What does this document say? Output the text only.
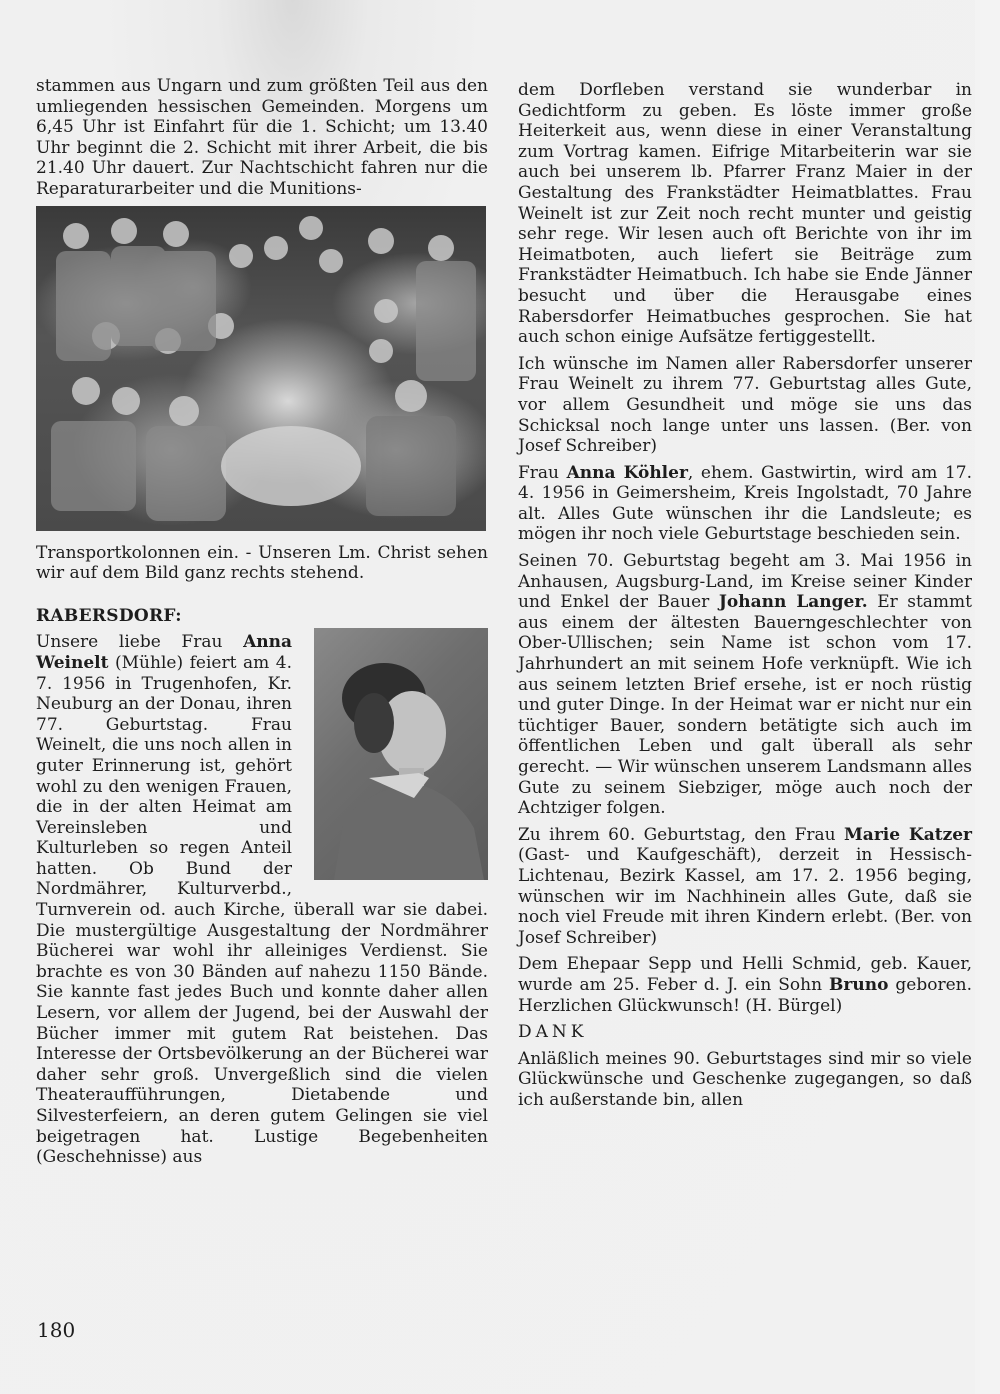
stammen aus Ungarn und zum größten Teil aus den umliegenden hessischen Gemeinden. Morgens um 6,45 Uhr ist Einfahrt für die 1. Schicht; um 13.40 Uhr beginnt die 2. Schicht mit ihrer Arbeit, die bis 21.40 Uhr dauert. Zur Nachtschicht fahren nur die Reparaturarbeiter und die Munitions-

Transportkolonnen ein. - Unseren Lm. Christ sehen wir auf dem Bild ganz rechts stehend.

RABERSDORF:

Unsere liebe Frau Anna Weinelt (Mühle) feiert am 4. 7. 1956 in Trugenhofen, Kr. Neuburg an der Donau, ihren 77. Geburtstag. Frau Weinelt, die uns noch allen in guter Erinnerung ist, gehört wohl zu den wenigen Frauen, die in der alten Heimat am Vereinsleben und Kulturleben so regen Anteil hatten. Ob Bund der Nordmährer, Kulturverbd., Turnverein od. auch Kirche, überall war sie dabei. Die mustergültige Ausgestaltung der Nordmährer Bücherei war wohl ihr alleiniges Verdienst. Sie brachte es von 30 Bänden auf nahezu 1150 Bände. Sie kannte fast jedes Buch und konnte daher allen Lesern, vor allem der Jugend, bei der Auswahl der Bücher immer mit gutem Rat beistehen. Das Interesse der Ortsbevölkerung an der Bücherei war daher sehr groß. Unvergeßlich sind die vielen Theateraufführungen, Dietabende und Silvesterfeiern, an deren gutem Gelingen sie viel beigetragen hat. Lustige Begebenheiten (Geschehnisse) aus

dem Dorfleben verstand sie wunderbar in Gedichtform zu geben. Es löste immer große Heiterkeit aus, wenn diese in einer Veranstaltung zum Vortrag kamen. Eifrige Mitarbeiterin war sie auch bei unserem lb. Pfarrer Franz Maier in der Gestaltung des Frankstädter Heimatblattes. Frau Weinelt ist zur Zeit noch recht munter und geistig sehr rege. Wir lesen auch oft Berichte von ihr im Heimatboten, auch liefert sie Beiträge zum Frankstädter Heimatbuch. Ich habe sie Ende Jänner besucht und über die Herausgabe eines Rabersdorfer Heimatbuches gesprochen. Sie hat auch schon einige Aufsätze fertiggestellt.

Ich wünsche im Namen aller Rabersdorfer unserer Frau Weinelt zu ihrem 77. Geburtstag alles Gute, vor allem Gesundheit und möge sie uns das Schicksal noch lange unter uns lassen. (Ber. von Josef Schreiber)

Frau Anna Köhler, ehem. Gastwirtin, wird am 17. 4. 1956 in Geimersheim, Kreis Ingolstadt, 70 Jahre alt. Alles Gute wünschen ihr die Landsleute; es mögen ihr noch viele Geburtstage beschieden sein.

Seinen 70. Geburtstag begeht am 3. Mai 1956 in Anhausen, Augsburg-Land, im Kreise seiner Kinder und Enkel der Bauer Johann Langer. Er stammt aus einem der ältesten Bauerngeschlechter von Ober-Ullischen; sein Name ist schon vom 17. Jahrhundert an mit seinem Hofe verknüpft. Wie ich aus seinem letzten Brief ersehe, ist er noch rüstig und guter Dinge. In der Heimat war er nicht nur ein tüchtiger Bauer, sondern betätigte sich auch im öffentlichen Leben und galt überall als sehr gerecht. — Wir wünschen unserem Landsmann alles Gute zu seinem Siebziger, möge auch noch der Achtziger folgen.

Zu ihrem 60. Geburtstag, den Frau Marie Katzer (Gast- und Kaufgeschäft), derzeit in Hessisch-Lichtenau, Bezirk Kassel, am 17. 2. 1956 beging, wünschen wir im Nachhinein alles Gute, daß sie noch viel Freude mit ihren Kindern erlebt. (Ber. von Josef Schreiber)

Dem Ehepaar Sepp und Helli Schmid, geb. Kauer, wurde am 25. Feber d. J. ein Sohn Bruno geboren. Herzlichen Glückwunsch! (H. Bürgel)

DANK

Anläßlich meines 90. Geburtstages sind mir so viele Glückwünsche und Geschenke zugegangen, so daß ich außerstande bin, allen

180
